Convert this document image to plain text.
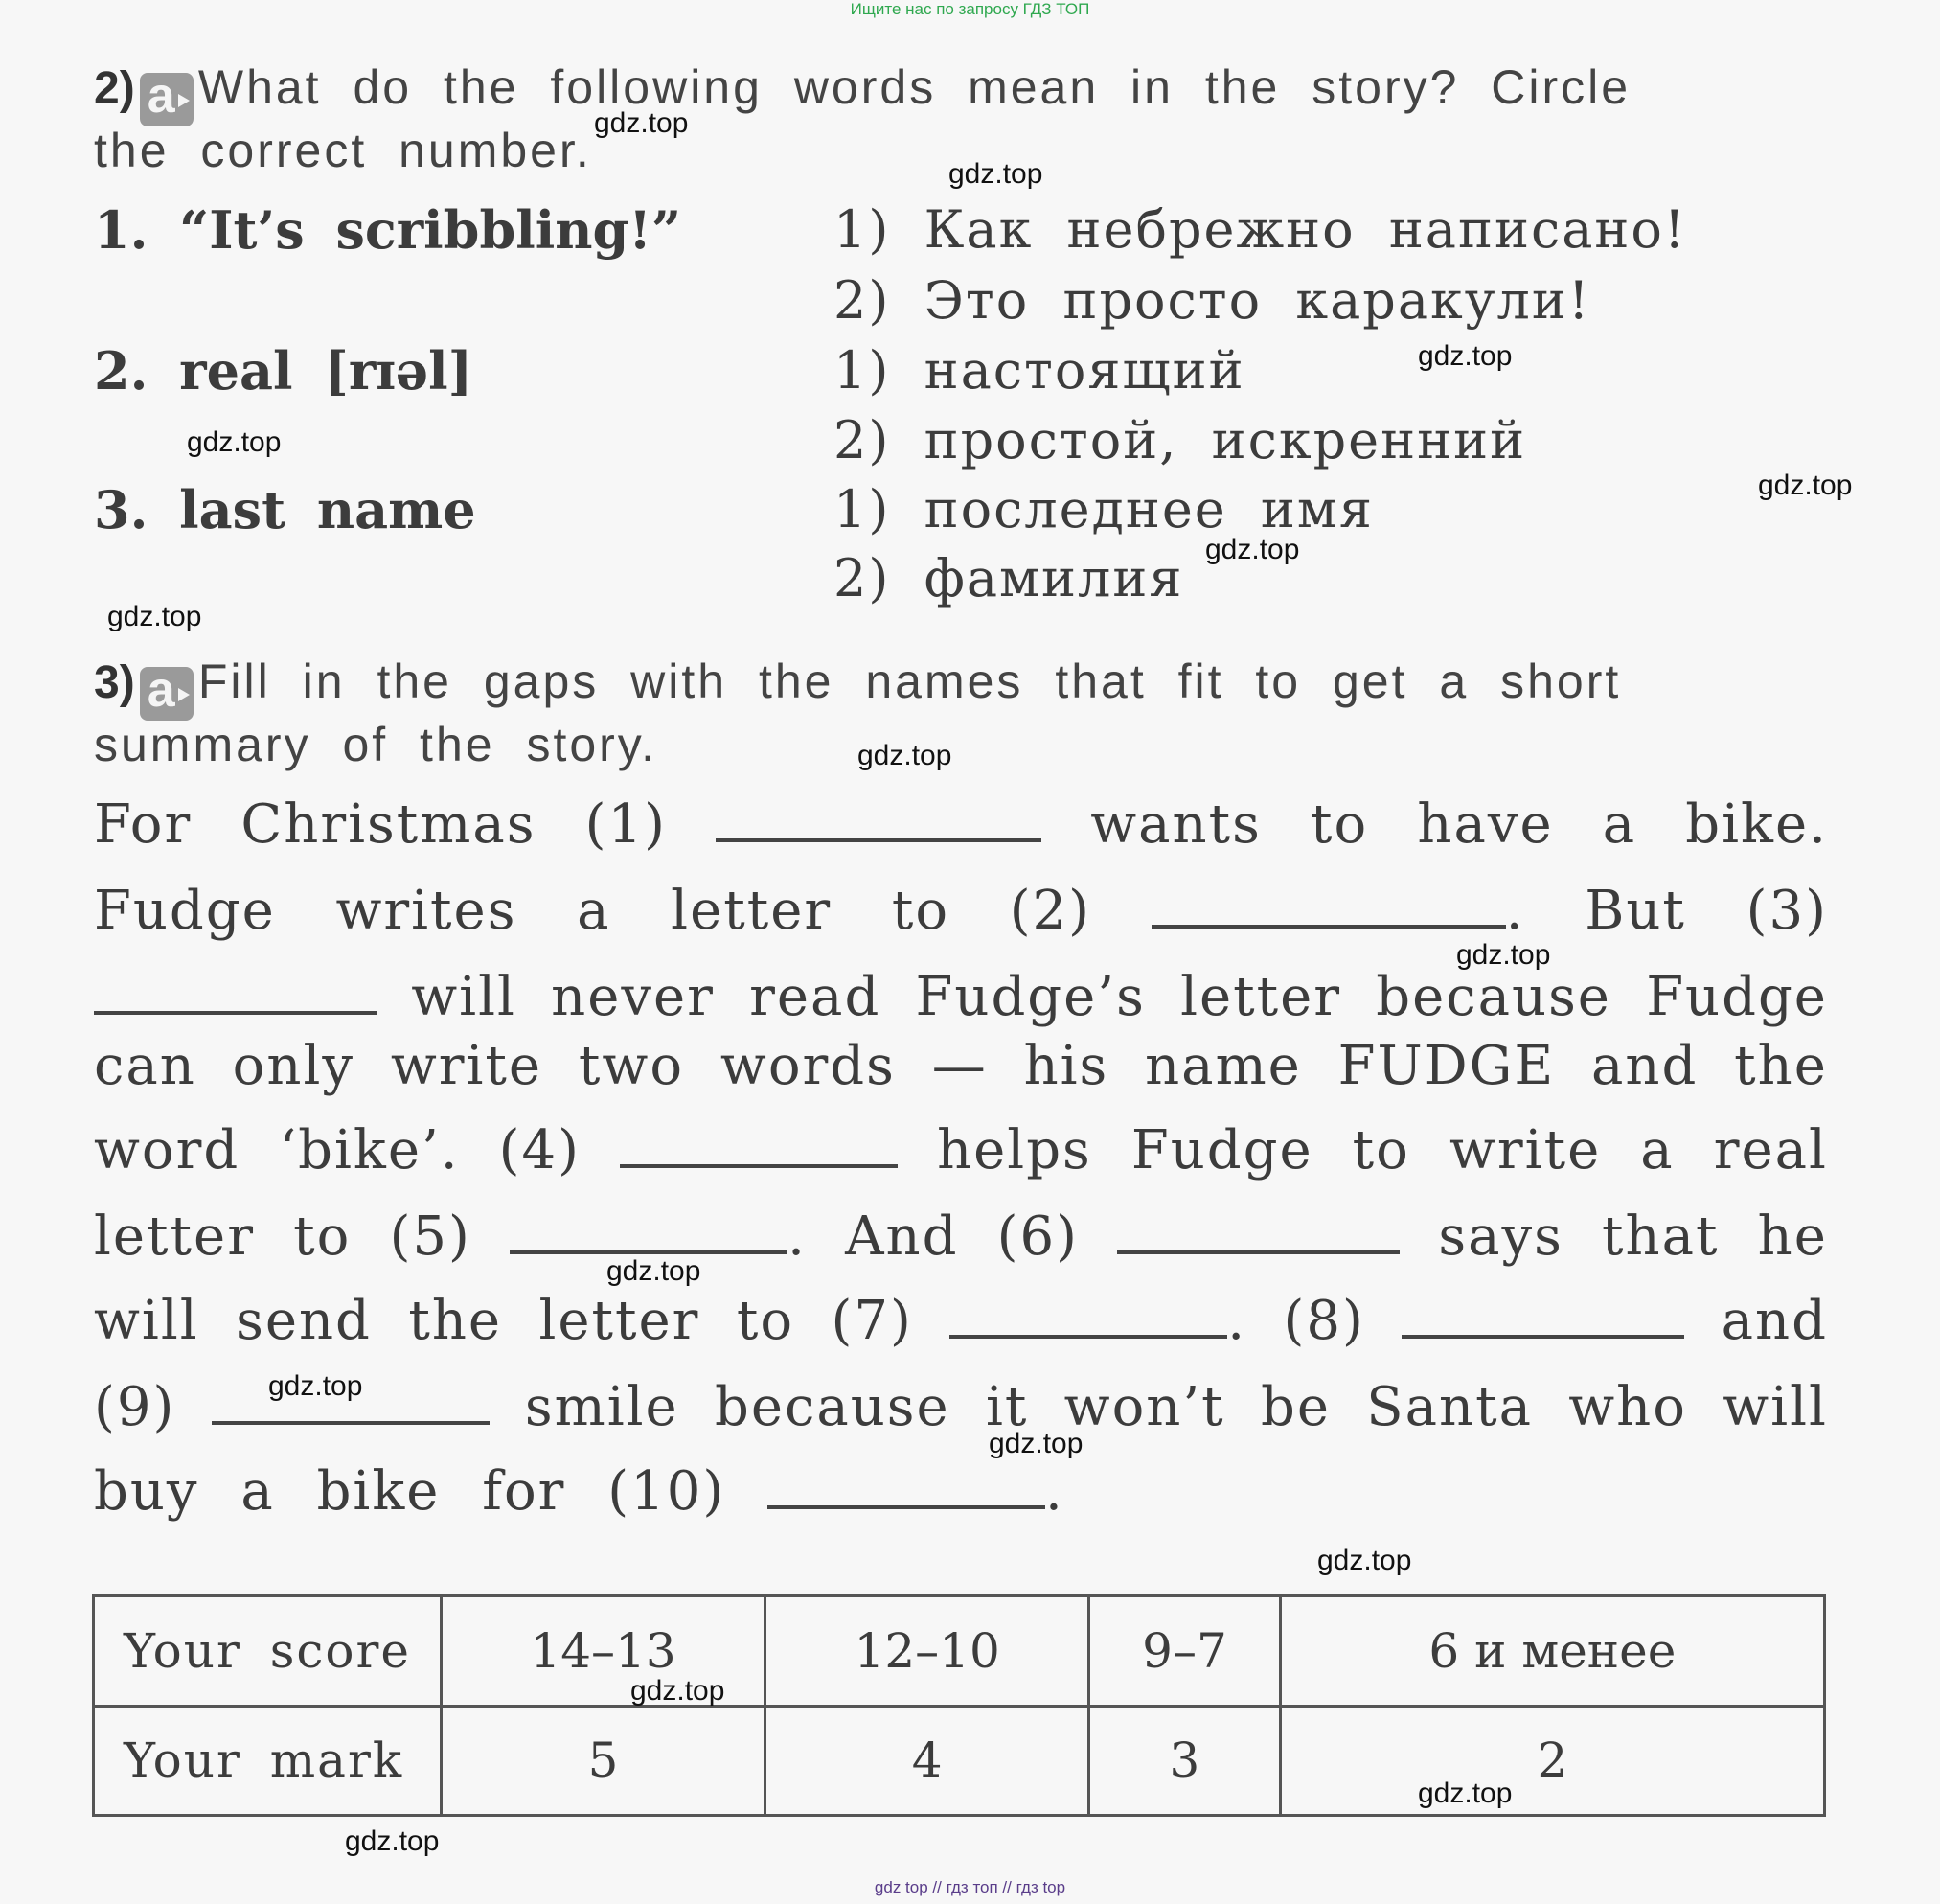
Ищите нас по запросу ГДЗ ТОП
2) a What do the following words mean in the story? Circle
the correct number.
1. “It’s scribbling!”	1) Как небрежно написано!
2) Это просто каракули!
2. real [rɪəl]	1) настоящий
2) простой, искренний
3. last name	1) последнее имя
2) фамилия
3) a Fill in the gaps with the names that fit to get a short
summary of the story.
For Christmas (1)	wants to have a bike.
Fudge writes a letter to (2)	. But (3)
will never read Fudge’s letter because Fudge
can only write two words — his name FUDGE and the
word ‘bike’. (4)	helps Fudge to write a real
letter to (5)	. And (6)	says that he
will send the letter to (7)	. (8)	and
(9)	smile because it won’t be Santa who will
buy a bike for (10)	.
Your score	14–13	12–10	9–7	6 и менее
Your mark	5	4	3	2
gdz.top
gdz.top
gdz.top
gdz.top
gdz.top
gdz.top
gdz.top
gdz.top
gdz.top
gdz.top
gdz.top
gdz.top
gdz.top
gdz.top
gdz.top
gdz.top
gdz top // гдз топ // гдз top
